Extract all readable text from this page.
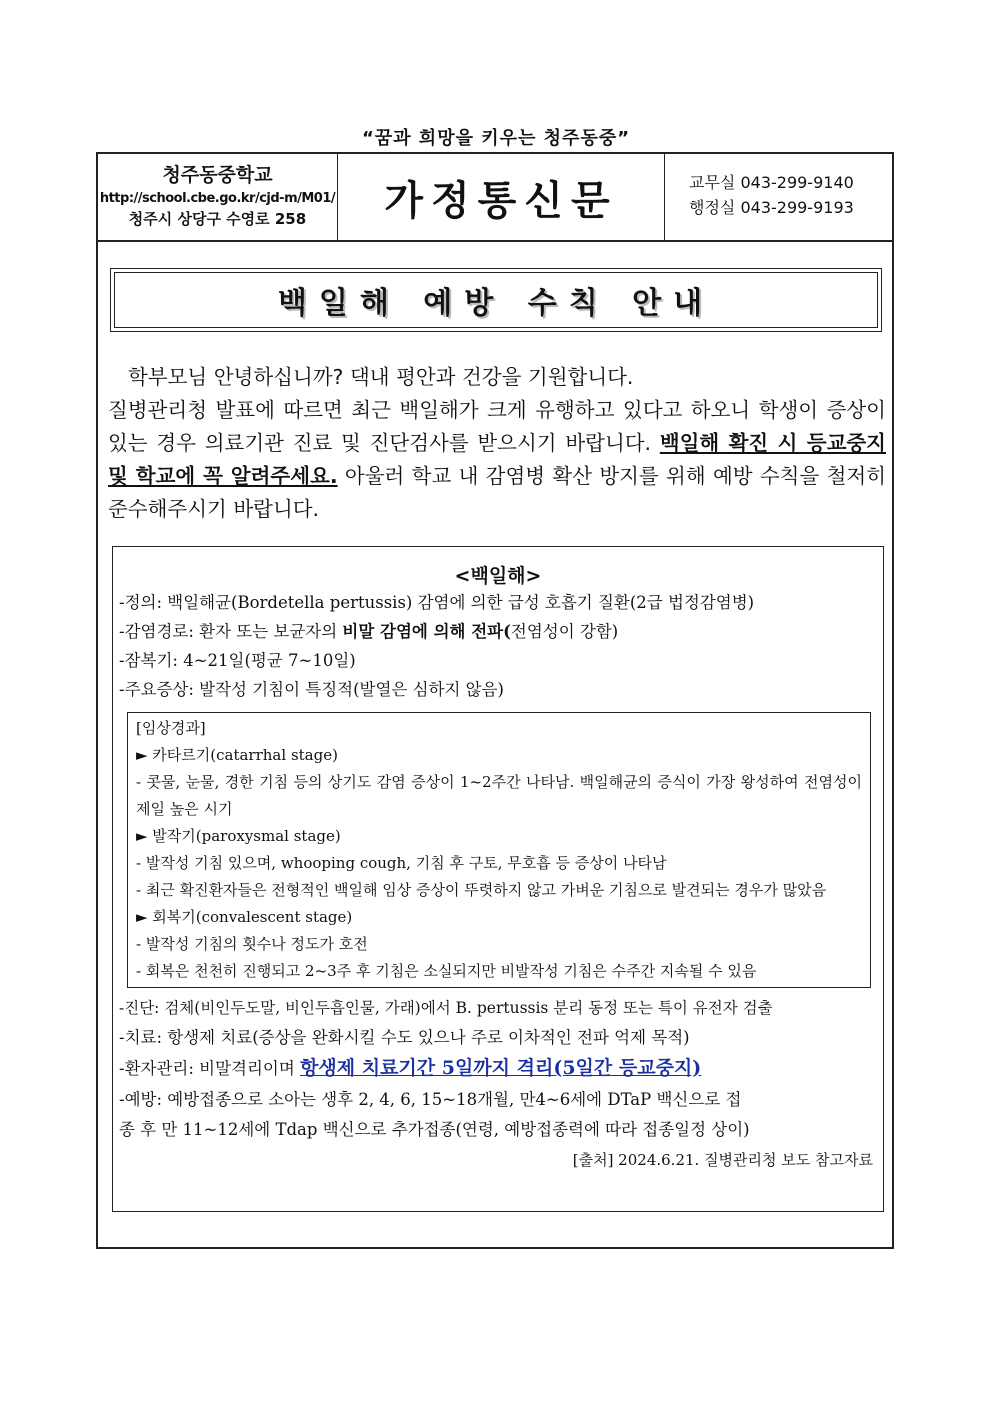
“꿈과 희망을 키우는 청주동중”
청주동중학교
http://school.cbe.go.kr/cjd-m/M01/
청주시 상당구 수영로 258	가정통신문	교무실 043-299-9140
행정실 043-299-9193
백일해 예방 수칙 안내

학부모님 안녕하십니까? 댁내 평안과 건강을 기원합니다.

질병관리청 발표에 따르면 최근 백일해가 크게 유행하고 있다고 하오니 학생이 증상이 있는 경우 의료기관 진료 및 진단검사를 받으시기 바랍니다. 백일해 확진 시 등교중지 및 학교에 꼭 알려주세요. 아울러 학교 내 감염병 확산 방지를 위해 예방 수칙을 철저히 준수해주시기 바랍니다.

<백일해>
-정의: 백일해균(Bordetella pertussis) 감염에 의한 급성 호흡기 질환(2급 법정감염병)
-감염경로: 환자 또는 보균자의 비말 감염에 의해 전파(전염성이 강함)
-잠복기: 4~21일(평균 7~10일)
-주요증상: 발작성 기침이 특징적(발열은 심하지 않음)
[임상경과]
► 카타르기(catarrhal stage)
- 콧물, 눈물, 경한 기침 등의 상기도 감염 증상이 1~2주간 나타남. 백일해균의 증식이 가장 왕성하여 전염성이 제일 높은 시기
► 발작기(paroxysmal stage)
- 발작성 기침 있으며, whooping cough, 기침 후 구토, 무호흡 등 증상이 나타남
- 최근 확진환자들은 전형적인 백일해 임상 증상이 뚜렷하지 않고 가벼운 기침으로 발견되는 경우가 많았음
► 회복기(convalescent stage)
- 발작성 기침의 횟수나 정도가 호전
- 회복은 천천히 진행되고 2~3주 후 기침은 소실되지만 비발작성 기침은 수주간 지속될 수 있음
-진단: 검체(비인두도말, 비인두흡인물, 가래)에서 B. pertussis 분리 동정 또는 특이 유전자 검출
-치료: 항생제 치료(증상을 완화시킬 수도 있으나 주로 이차적인 전파 억제 목적)
-환자관리: 비말격리이며 항생제 치료기간 5일까지 격리(5일간 등교중지)
-예방: 예방접종으로 소아는 생후 2, 4, 6, 15~18개월, 만4~6세에 DTaP 백신으로 접
종 후 만 11~12세에 Tdap 백신으로 추가접종(연령, 예방접종력에 따라 접종일정 상이)
[출처] 2024.6.21. 질병관리청 보도 참고자료
